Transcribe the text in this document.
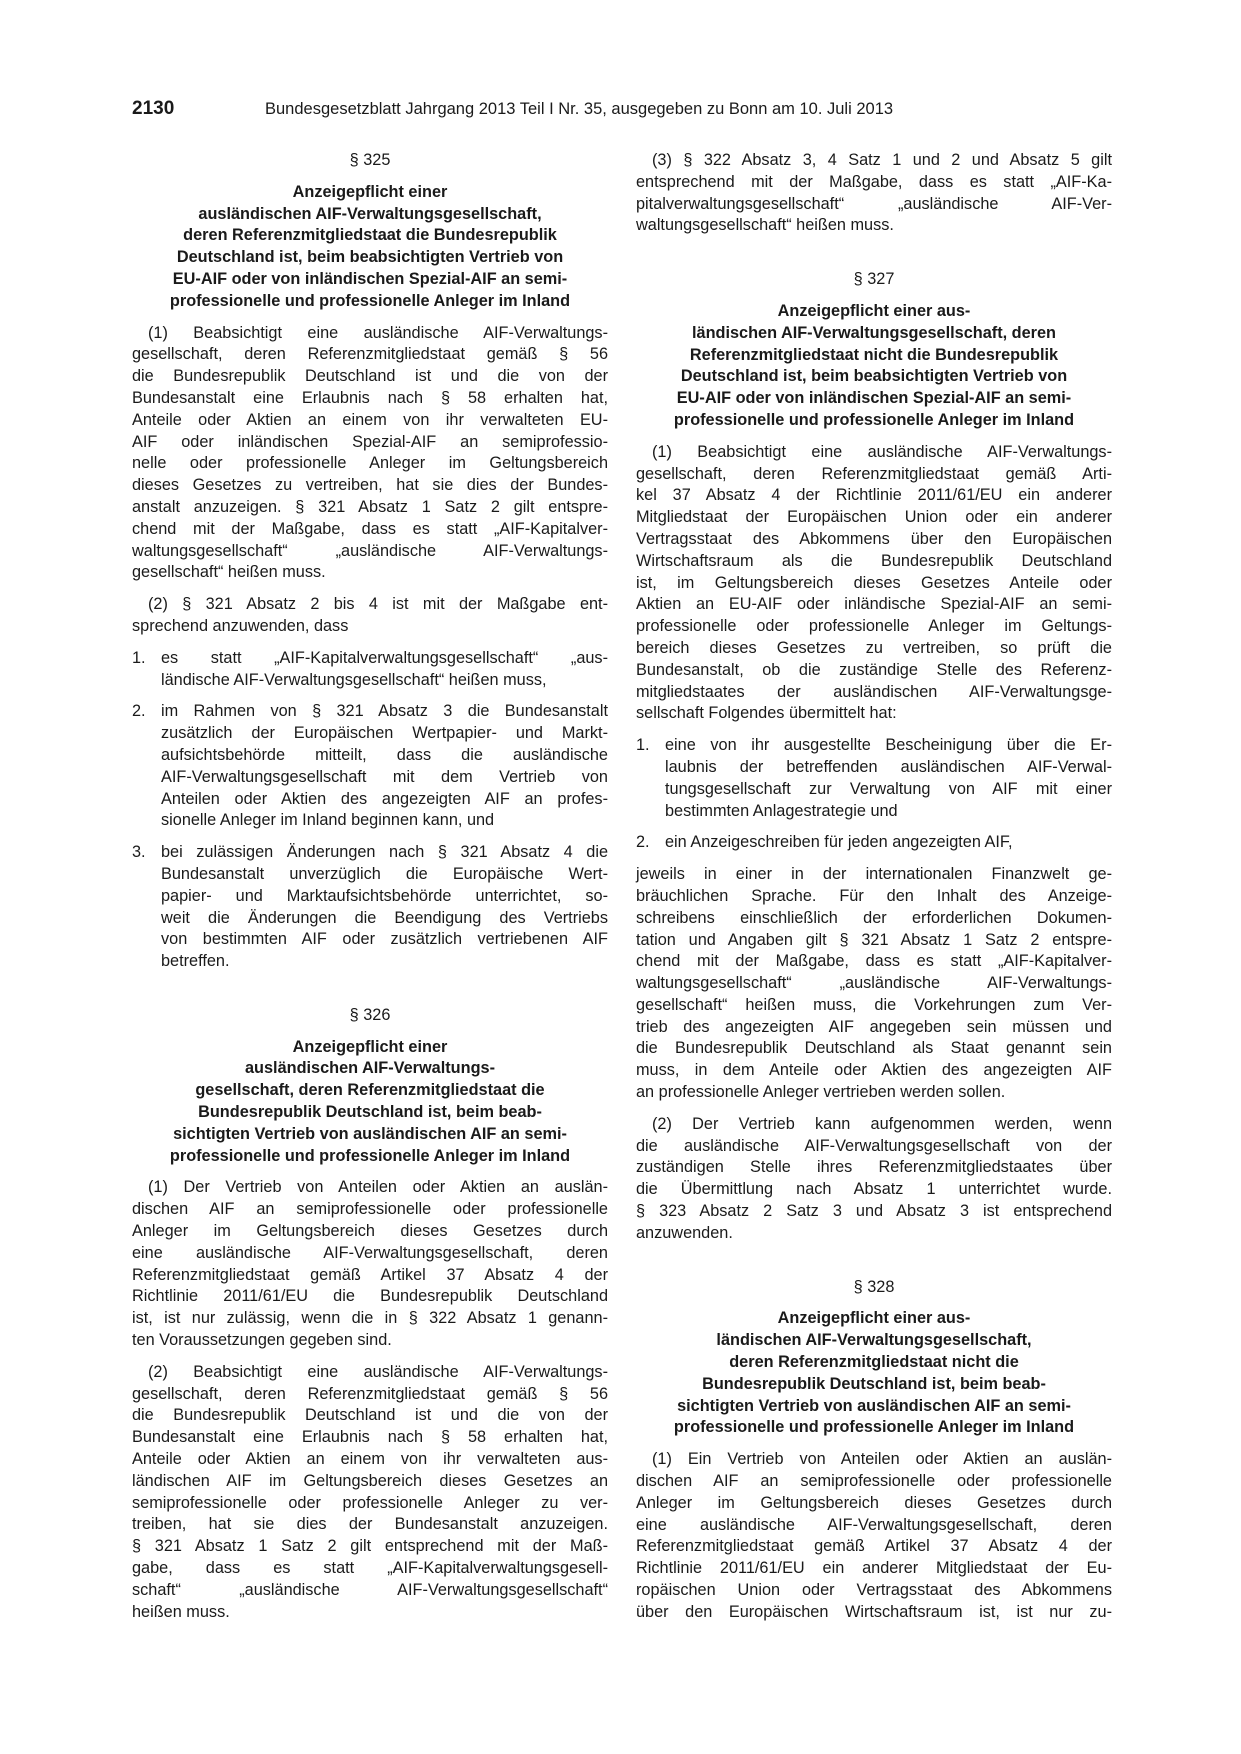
2130	Bundesgesetzblatt Jahrgang 2013 Teil I Nr. 35, ausgegeben zu Bonn am 10. Juli 2013
§ 325
Anzeigepflicht einer
ausländischen AIF-Verwaltungsgesellschaft,
deren Referenzmitgliedstaat die Bundesrepublik
Deutschland ist, beim beabsichtigten Vertrieb von
EU-AIF oder von inländischen Spezial-AIF an semi-
professionelle und professionelle Anleger im Inland
(1) Beabsichtigt eine ausländische AIF-Verwaltungs-
gesellschaft, deren Referenzmitgliedstaat gemäß § 56
die Bundesrepublik Deutschland ist und die von der
Bundesanstalt eine Erlaubnis nach § 58 erhalten hat,
Anteile oder Aktien an einem von ihr verwalteten EU-
AIF oder inländischen Spezial-AIF an semiprofessio-
nelle oder professionelle Anleger im Geltungsbereich
dieses Gesetzes zu vertreiben, hat sie dies der Bundes-
anstalt anzuzeigen. § 321 Absatz 1 Satz 2 gilt entspre-
chend mit der Maßgabe, dass es statt „AIF-Kapitalver-
waltungsgesellschaft“ „ausländische AIF-Verwaltungs-
gesellschaft“ heißen muss.
(2) § 321 Absatz 2 bis 4 ist mit der Maßgabe ent-
sprechend anzuwenden, dass
1. es statt „AIF-Kapitalverwaltungsgesellschaft“ „aus-
ländische AIF-Verwaltungsgesellschaft“ heißen muss,
2. im Rahmen von § 321 Absatz 3 die Bundesanstalt
zusätzlich der Europäischen Wertpapier- und Markt-
aufsichtsbehörde mitteilt, dass die ausländische
AIF-Verwaltungsgesellschaft mit dem Vertrieb von
Anteilen oder Aktien des angezeigten AIF an profes-
sionelle Anleger im Inland beginnen kann, und
3. bei zulässigen Änderungen nach § 321 Absatz 4 die
Bundesanstalt unverzüglich die Europäische Wert-
papier- und Marktaufsichtsbehörde unterrichtet, so-
weit die Änderungen die Beendigung des Vertriebs
von bestimmten AIF oder zusätzlich vertriebenen AIF
betreffen.
§ 326
Anzeigepflicht einer
ausländischen AIF-Verwaltungs-
gesellschaft, deren Referenzmitgliedstaat die
Bundesrepublik Deutschland ist, beim beab-
sichtigten Vertrieb von ausländischen AIF an semi-
professionelle und professionelle Anleger im Inland
(1) Der Vertrieb von Anteilen oder Aktien an auslän-
dischen AIF an semiprofessionelle oder professionelle
Anleger im Geltungsbereich dieses Gesetzes durch
eine ausländische AIF-Verwaltungsgesellschaft, deren
Referenzmitgliedstaat gemäß Artikel 37 Absatz 4 der
Richtlinie 2011/61/EU die Bundesrepublik Deutschland
ist, ist nur zulässig, wenn die in § 322 Absatz 1 genann-
ten Voraussetzungen gegeben sind.
(2) Beabsichtigt eine ausländische AIF-Verwaltungs-
gesellschaft, deren Referenzmitgliedstaat gemäß § 56
die Bundesrepublik Deutschland ist und die von der
Bundesanstalt eine Erlaubnis nach § 58 erhalten hat,
Anteile oder Aktien an einem von ihr verwalteten aus-
ländischen AIF im Geltungsbereich dieses Gesetzes an
semiprofessionelle oder professionelle Anleger zu ver-
treiben, hat sie dies der Bundesanstalt anzuzeigen.
§ 321 Absatz 1 Satz 2 gilt entsprechend mit der Maß-
gabe, dass es statt „AIF-Kapitalverwaltungsgesell-
schaft“ „ausländische AIF-Verwaltungsgesellschaft“
heißen muss.
(3) § 322 Absatz 3, 4 Satz 1 und 2 und Absatz 5 gilt
entsprechend mit der Maßgabe, dass es statt „AIF-Ka-
pitalverwaltungsgesellschaft“ „ausländische AIF-Ver-
waltungsgesellschaft“ heißen muss.
§ 327
Anzeigepflicht einer aus-
ländischen AIF-Verwaltungsgesellschaft, deren
Referenzmitgliedstaat nicht die Bundesrepublik
Deutschland ist, beim beabsichtigten Vertrieb von
EU-AIF oder von inländischen Spezial-AIF an semi-
professionelle und professionelle Anleger im Inland
(1) Beabsichtigt eine ausländische AIF-Verwaltungs-
gesellschaft, deren Referenzmitgliedstaat gemäß Arti-
kel 37 Absatz 4 der Richtlinie 2011/61/EU ein anderer
Mitgliedstaat der Europäischen Union oder ein anderer
Vertragsstaat des Abkommens über den Europäischen
Wirtschaftsraum als die Bundesrepublik Deutschland
ist, im Geltungsbereich dieses Gesetzes Anteile oder
Aktien an EU-AIF oder inländische Spezial-AIF an semi-
professionelle oder professionelle Anleger im Geltungs-
bereich dieses Gesetzes zu vertreiben, so prüft die
Bundesanstalt, ob die zuständige Stelle des Referenz-
mitgliedstaates der ausländischen AIF-Verwaltungsge-
sellschaft Folgendes übermittelt hat:
1. eine von ihr ausgestellte Bescheinigung über die Er-
laubnis der betreffenden ausländischen AIF-Verwal-
tungsgesellschaft zur Verwaltung von AIF mit einer
bestimmten Anlagestrategie und
2. ein Anzeigeschreiben für jeden angezeigten AIF,
jeweils in einer in der internationalen Finanzwelt ge-
bräuchlichen Sprache. Für den Inhalt des Anzeige-
schreibens einschließlich der erforderlichen Dokumen-
tation und Angaben gilt § 321 Absatz 1 Satz 2 entspre-
chend mit der Maßgabe, dass es statt „AIF-Kapitalver-
waltungsgesellschaft“ „ausländische AIF-Verwaltungs-
gesellschaft“ heißen muss, die Vorkehrungen zum Ver-
trieb des angezeigten AIF angegeben sein müssen und
die Bundesrepublik Deutschland als Staat genannt sein
muss, in dem Anteile oder Aktien des angezeigten AIF
an professionelle Anleger vertrieben werden sollen.
(2) Der Vertrieb kann aufgenommen werden, wenn
die ausländische AIF-Verwaltungsgesellschaft von der
zuständigen Stelle ihres Referenzmitgliedstaates über
die Übermittlung nach Absatz 1 unterrichtet wurde.
§ 323 Absatz 2 Satz 3 und Absatz 3 ist entsprechend
anzuwenden.
§ 328
Anzeigepflicht einer aus-
ländischen AIF-Verwaltungsgesellschaft,
deren Referenzmitgliedstaat nicht die
Bundesrepublik Deutschland ist, beim beab-
sichtigten Vertrieb von ausländischen AIF an semi-
professionelle und professionelle Anleger im Inland
(1) Ein Vertrieb von Anteilen oder Aktien an auslän-
dischen AIF an semiprofessionelle oder professionelle
Anleger im Geltungsbereich dieses Gesetzes durch
eine ausländische AIF-Verwaltungsgesellschaft, deren
Referenzmitgliedstaat gemäß Artikel 37 Absatz 4 der
Richtlinie 2011/61/EU ein anderer Mitgliedstaat der Eu-
ropäischen Union oder Vertragsstaat des Abkommens
über den Europäischen Wirtschaftsraum ist, ist nur zu-
